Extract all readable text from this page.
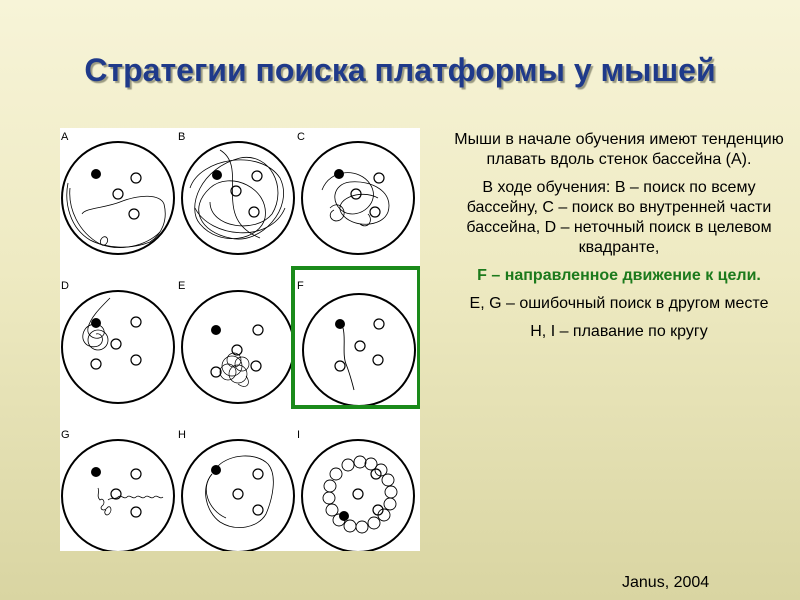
Стратегии поиска платформы у мышей
A	B	C
D	E	F
G	H	I

Мыши в начале обучения имеют тенденцию плавать вдоль стенок бассейна (А).

В ходе обучения: В – поиск по всему бассейну, С – поиск во внутренней части бассейна, D – неточный поиск в целевом квадранте,

F – направленное движение к цели.

E, G – ошибочный поиск в другом месте

H, I – плавание по кругу

Janus, 2004
